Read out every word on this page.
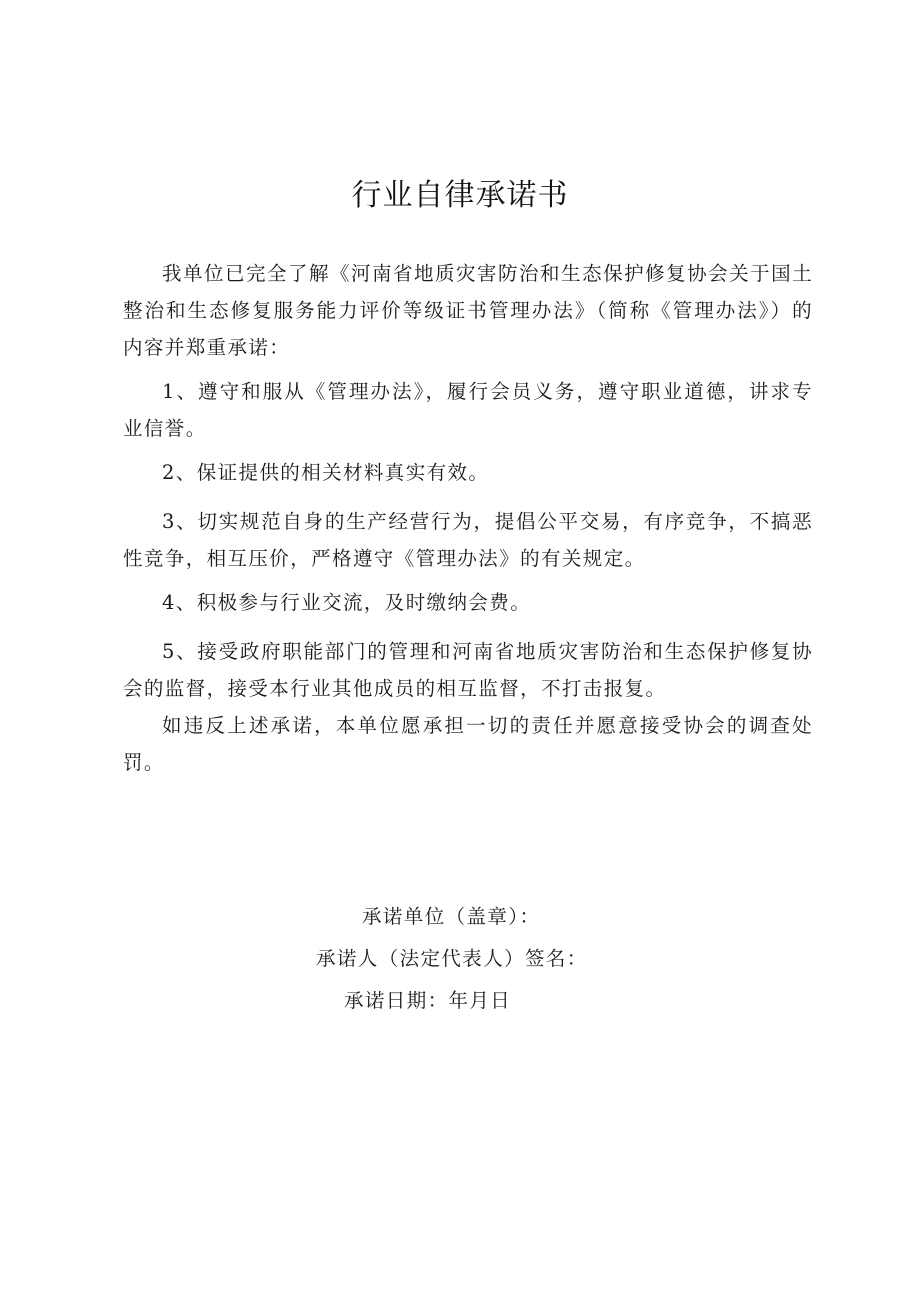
行业自律承诺书

我单位已完全了解《河南省地质灾害防治和生态保护修复协会关于国土整治和生态修复服务能力评价等级证书管理办法》（简称《管理办法》）的内容并郑重承诺：

1、遵守和服从《管理办法》，履行会员义务，遵守职业道德，讲求专业信誉。

2、保证提供的相关材料真实有效。

3、切实规范自身的生产经营行为，提倡公平交易，有序竞争，不搞恶性竞争，相互压价，严格遵守《管理办法》的有关规定。

4、积极参与行业交流，及时缴纳会费。

5、接受政府职能部门的管理和河南省地质灾害防治和生态保护修复协会的监督，接受本行业其他成员的相互监督，不打击报复。

如违反上述承诺，本单位愿承担一切的责任并愿意接受协会的调查处罚。

承诺单位（盖章）：
承诺人（法定代表人）签名：
承诺日期：年月日
